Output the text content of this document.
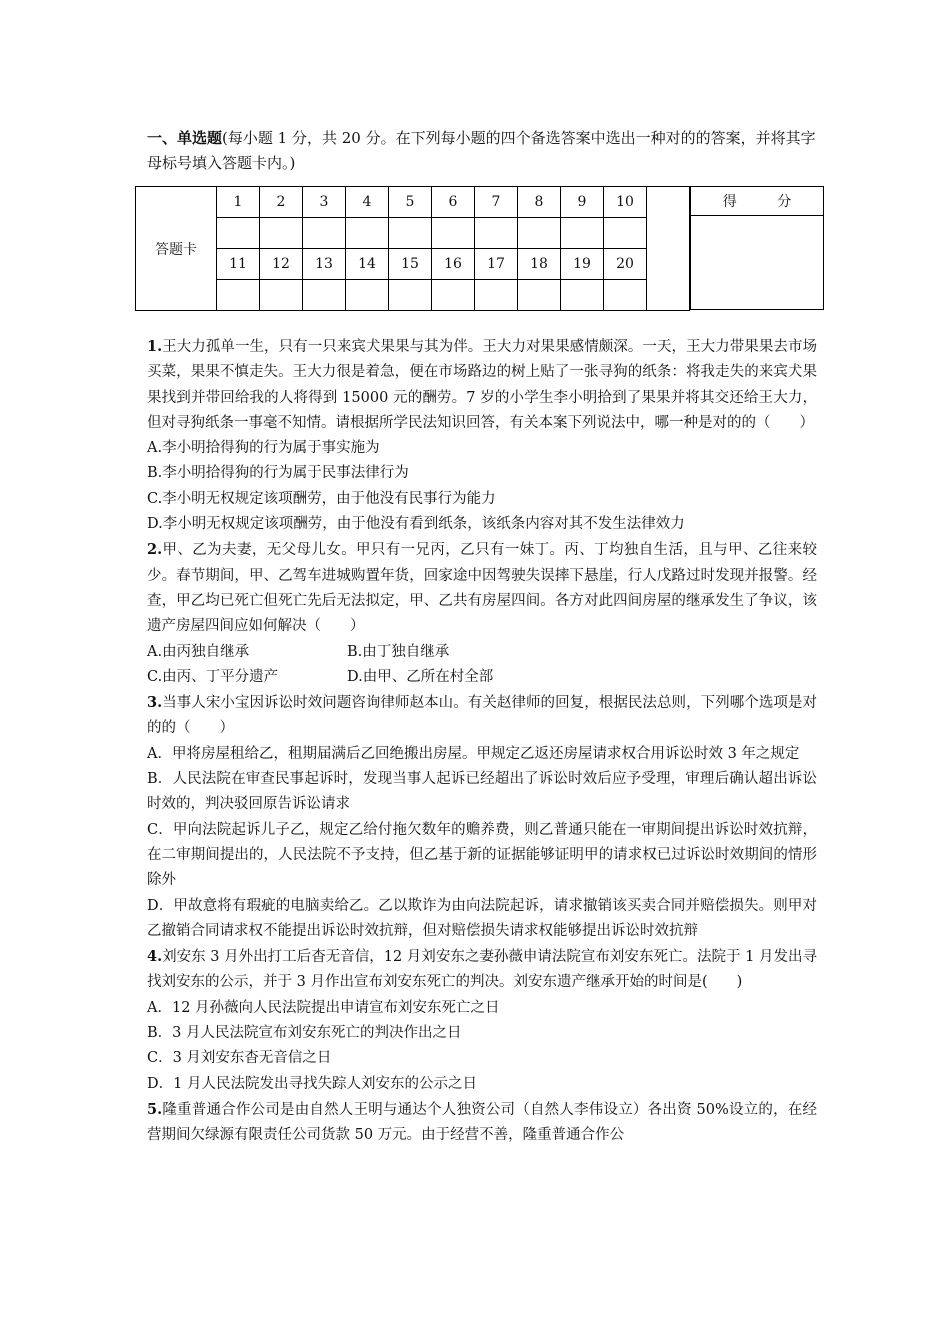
一、单选题(每小题 1 分，共 20 分。在下列每小题的四个备选答案中选出一种对的的答案，并将其字母标号填入答题卡内。)
答题卡	1	2	3	4	5	6	7	8	9	10	

	11	12	13	14	15	16	17	18	19	20	

得 分

1.王大力孤单一生，只有一只来宾犬果果与其为伴。王大力对果果感情颇深。一天，王大力带果果去市场买菜，果果不慎走失。王大力很是着急，便在市场路边的树上贴了一张寻狗的纸条：将我走失的来宾犬果果找到并带回给我的人将得到 15000 元的酬劳。7 岁的小学生李小明拾到了果果并将其交还给王大力，但对寻狗纸条一事毫不知情。请根据所学民法知识回答，有关本案下列说法中，哪一种是对的的（　　）

A.李小明拾得狗的行为属于事实施为

B.李小明拾得狗的行为属于民事法律行为

C.李小明无权规定该项酬劳，由于他没有民事行为能力

D.李小明无权规定该项酬劳，由于他没有看到纸条，该纸条内容对其不发生法律效力

2.甲、乙为夫妻，无父母儿女。甲只有一兄丙，乙只有一妹丁。丙、丁均独自生活，且与甲、乙往来较少。春节期间，甲、乙驾车进城购置年货，回家途中因驾驶失误摔下悬崖，行人戊路过时发现并报警。经查，甲乙均已死亡但死亡先后无法拟定，甲、乙共有房屋四间。各方对此四间房屋的继承发生了争议，该遗产房屋四间应如何解决（　　）

A.由丙独自继承	B.由丁独自继承

C.由丙、丁平分遗产	D.由甲、乙所在村全部

3.当事人宋小宝因诉讼时效问题咨询律师赵本山。有关赵律师的回复，根据民法总则，下列哪个选项是对的的（　　）

A．甲将房屋租给乙，租期届满后乙回绝搬出房屋。甲规定乙返还房屋请求权合用诉讼时效 3 年之规定

B．人民法院在审查民事起诉时，发现当事人起诉已经超出了诉讼时效后应予受理，审理后确认超出诉讼时效的，判决驳回原告诉讼请求

C．甲向法院起诉儿子乙，规定乙给付拖欠数年的赡养费，则乙普通只能在一审期间提出诉讼时效抗辩，在二审期间提出的，人民法院不予支持，但乙基于新的证据能够证明甲的请求权已过诉讼时效期间的情形除外

D．甲故意将有瑕疵的电脑卖给乙。乙以欺诈为由向法院起诉，请求撤销该买卖合同并赔偿损失。则甲对乙撤销合同请求权不能提出诉讼时效抗辩，但对赔偿损失请求权能够提出诉讼时效抗辩

4.刘安东 3 月外出打工后杳无音信，12 月刘安东之妻孙薇申请法院宣布刘安东死亡。法院于 1 月发出寻找刘安东的公示，并于 3 月作出宣布刘安东死亡的判决。刘安东遗产继承开始的时间是(　　)

A．12 月孙薇向人民法院提出申请宣布刘安东死亡之日

B．3 月人民法院宣布刘安东死亡的判决作出之日

C．3 月刘安东杳无音信之日

D．1 月人民法院发出寻找失踪人刘安东的公示之日

5.隆重普通合作公司是由自然人王明与通达个人独资公司（自然人李伟设立）各出资 50%设立的，在经营期间欠绿源有限责任公司货款 50 万元。由于经营不善，隆重普通合作公
